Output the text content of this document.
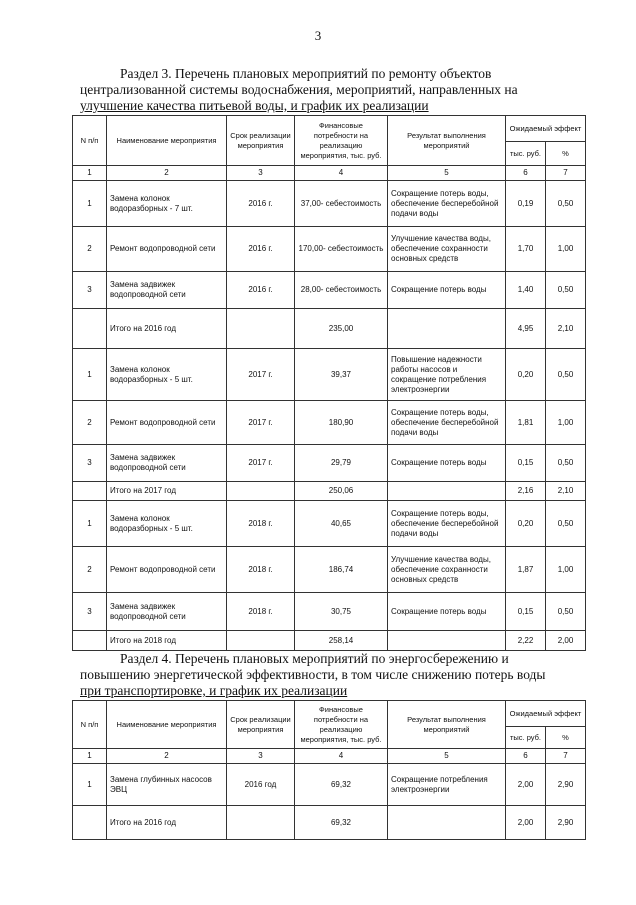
3
Раздел 3. Перечень плановых мероприятий по ремонту объектов
централизованной системы водоснабжения, мероприятий, направленных на
улучшение качества питьевой воды, и график их реализации
N п/п	Наименование мероприятия	Срок реализации мероприятия	Финансовые потребности на реализацию мероприятия, тыс. руб.	Результат выполнения мероприятий	Ожидаемый эффект	
					тыс. руб.	%
1	2	3	4	5	6	7
1	Замена колонок водоразборных - 7 шт.	2016 г.	37,00- себестоимость	Сокращение потерь воды, обеспечение бесперебойной подачи воды	0,19	0,50
2	Ремонт водопроводной сети	2016 г.	170,00- себестоимость	Улучшение качества воды, обеспечение сохранности основных средств	1,70	1,00
3	Замена задвижек водопроводной сети	2016 г.	28,00- себестоимость	Сокращение потерь воды	1,40	0,50
	Итого на 2016 год		235,00		4,95	2,10
1	Замена колонок водоразборных - 5 шт.	2017 г.	39,37	Повышение надежности работы насосов и сокращение потребления электроэнергии	0,20	0,50
2	Ремонт водопроводной сети	2017 г.	180,90	Сокращение потерь воды, обеспечение бесперебойной подачи воды	1,81	1,00
3	Замена задвижек водопроводной сети	2017 г.	29,79	Сокращение потерь воды	0,15	0,50
	Итого на 2017 год		250,06		2,16	2,10
1	Замена колонок водоразборных - 5 шт.	2018 г.	40,65	Сокращение потерь воды, обеспечение бесперебойной подачи воды	0,20	0,50
2	Ремонт водопроводной сети	2018 г.	186,74	Улучшение качества воды, обеспечение сохранности основных средств	1,87	1,00
3	Замена задвижек водопроводной сети	2018 г.	30,75	Сокращение потерь воды	0,15	0,50
	Итого на 2018 год		258,14		2,22	2,00
Раздел 4. Перечень плановых мероприятий по энергосбережению и
повышению энергетической эффективности, в том числе снижению потерь воды
при транспортировке, и график их реализации
N п/п	Наименование мероприятия	Срок реализации мероприятия	Финансовые потребности на реализацию мероприятия, тыс. руб.	Результат выполнения мероприятий	Ожидаемый эффект	
					тыс. руб.	%
1	2	3	4	5	6	7
1	Замена глубинных насосов ЭВЦ	2016 год	69,32	Сокращение потребления электроэнергии	2,00	2,90
	Итого на 2016 год		69,32		2,00	2,90
